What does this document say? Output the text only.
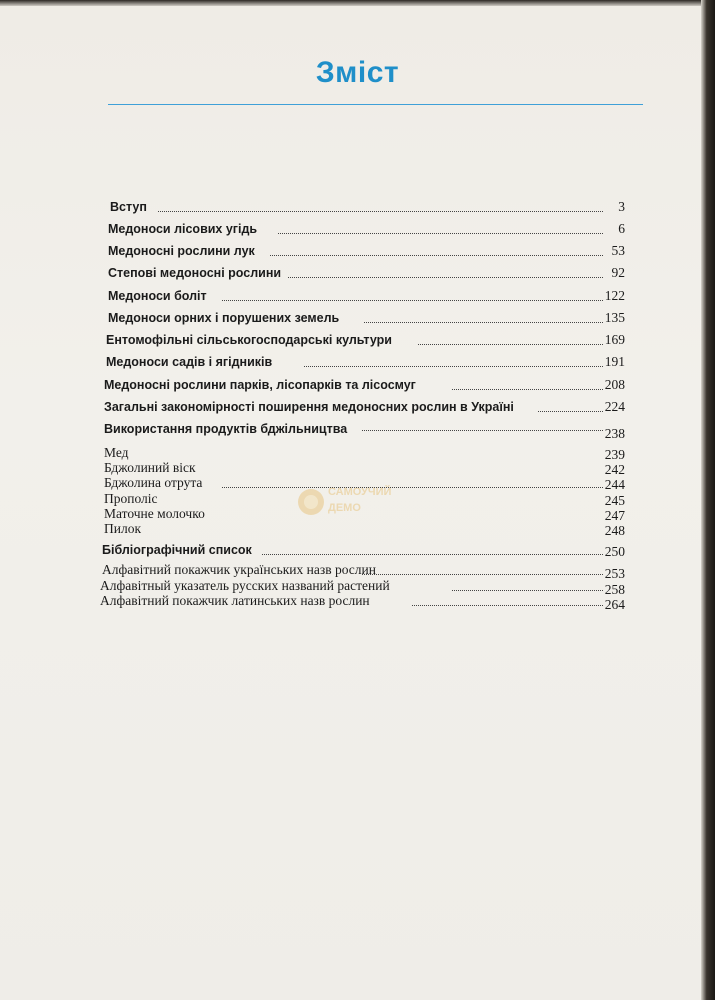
Зміст
САМОУЧИЙ
ДЕМО
Вступ	3
Медоноси лісових угідь	6
Медоносні рослини лук	53
Степові медоносні рослини	92
Медоноси боліт	122
Медоноси орних і порушених земель	135
Ентомофільні сільськогосподарські культури	169
Медоноси садів і ягідників	191
Медоносні рослини парків, лісопарків та лісосмуг	208
Загальні закономірності поширення медоносних рослин в Україні	224
Використання продуктів бджільництва	238
Мед	239
Бджолиний віск	242
Бджолина отрута	244
Прополіс	245
Маточне молочко	247
Пилок	248
Бібліографічний список	250
Алфавітний покажчик українських назв рослин	253
Алфавітный указатель русских названий растений	258
Алфавітний покажчик латинських назв рослин	264
